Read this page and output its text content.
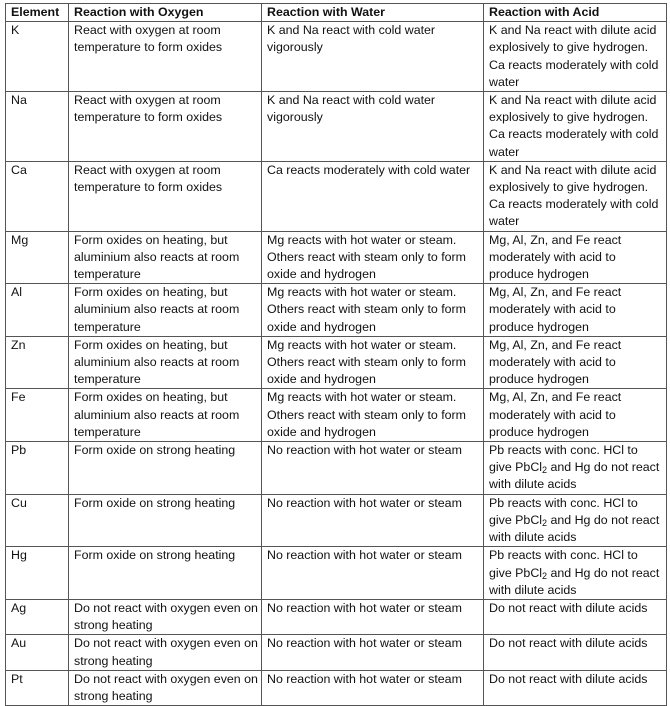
Element	Reaction with Oxygen	Reaction with Water	Reaction with Acid
K	React with oxygen at room temperature to form oxides	K and Na react with cold water vigorously	K and Na react with dilute acid explosively to give hydrogen. Ca reacts moderately with cold water
Na	React with oxygen at room temperature to form oxides	K and Na react with cold water vigorously	K and Na react with dilute acid explosively to give hydrogen. Ca reacts moderately with cold water
Ca	React with oxygen at room temperature to form oxides	Ca reacts moderately with cold water	K and Na react with dilute acid explosively to give hydrogen. Ca reacts moderately with cold water
Mg	Form oxides on heating, but aluminium also reacts at room temperature	Mg reacts with hot water or steam. Others react with steam only to form oxide and hydrogen	Mg, Al, Zn, and Fe react moderately with acid to produce hydrogen
Al	Form oxides on heating, but aluminium also reacts at room temperature	Mg reacts with hot water or steam. Others react with steam only to form oxide and hydrogen	Mg, Al, Zn, and Fe react moderately with acid to produce hydrogen
Zn	Form oxides on heating, but aluminium also reacts at room temperature	Mg reacts with hot water or steam. Others react with steam only to form oxide and hydrogen	Mg, Al, Zn, and Fe react moderately with acid to produce hydrogen
Fe	Form oxides on heating, but aluminium also reacts at room temperature	Mg reacts with hot water or steam. Others react with steam only to form oxide and hydrogen	Mg, Al, Zn, and Fe react moderately with acid to produce hydrogen
Pb	Form oxide on strong heating	No reaction with hot water or steam	Pb reacts with conc. HCl to give PbCl$_2$ and Hg do not react with dilute acids
Cu	Form oxide on strong heating	No reaction with hot water or steam	Pb reacts with conc. HCl to give PbCl$_2$ and Hg do not react with dilute acids
Hg	Form oxide on strong heating	No reaction with hot water or steam	Pb reacts with conc. HCl to give PbCl$_2$ and Hg do not react with dilute acids
Ag	Do not react with oxygen even on strong heating	No reaction with hot water or steam	Do not react with dilute acids
Au	Do not react with oxygen even on strong heating	No reaction with hot water or steam	Do not react with dilute acids
Pt	Do not react with oxygen even on strong heating	No reaction with hot water or steam	Do not react with dilute acids
